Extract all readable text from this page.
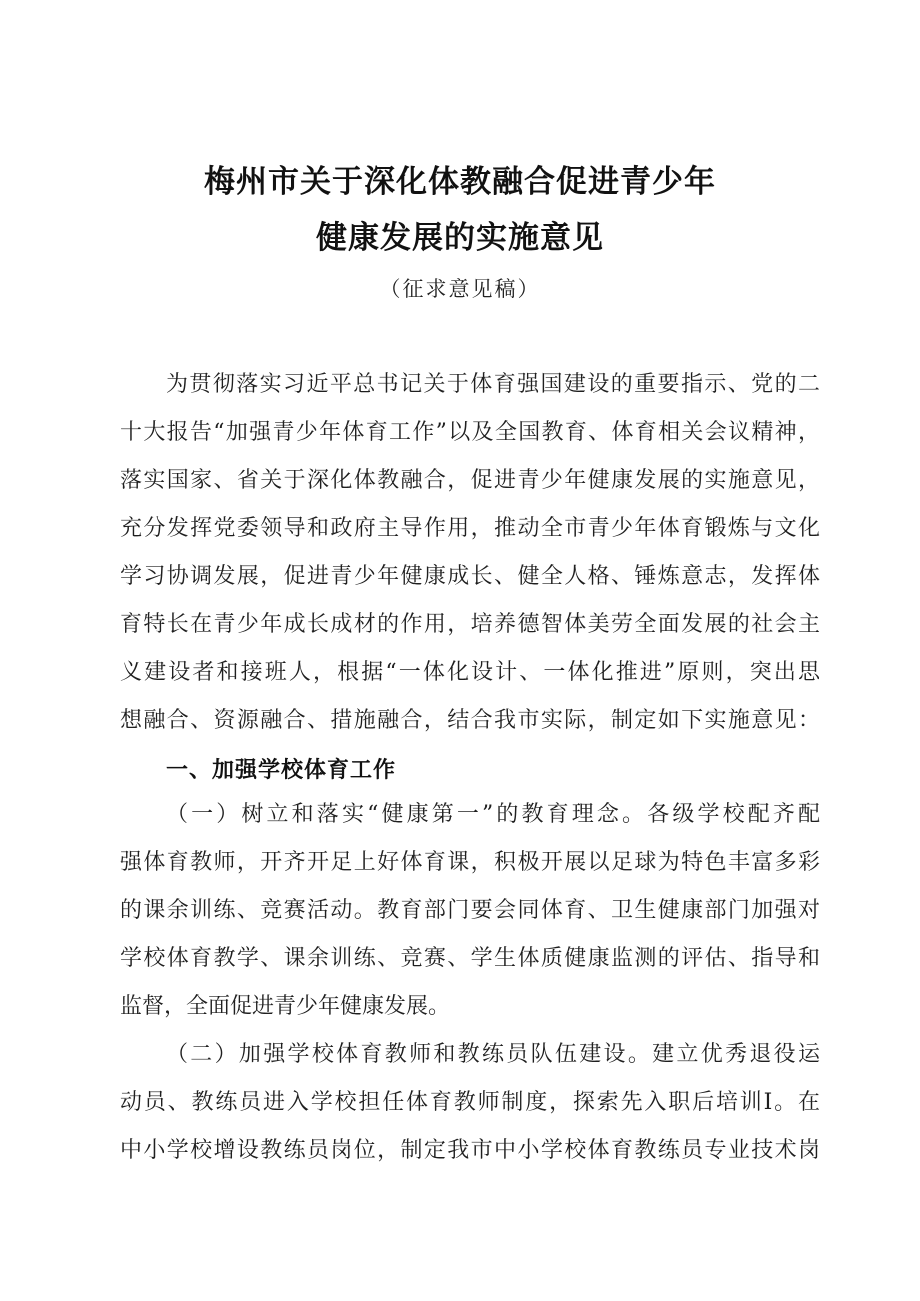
梅州市关于深化体教融合促进青少年
健康发展的实施意见
（征求意见稿）
为贯彻落实习近平总书记关于体育强国建设的重要指示、党的二
十大报告“加强青少年体育工作”以及全国教育、体育相关会议精神，
落实国家、省关于深化体教融合，促进青少年健康发展的实施意见，
充分发挥党委领导和政府主导作用，推动全市青少年体育锻炼与文化
学习协调发展，促进青少年健康成长、健全人格、锤炼意志，发挥体
育特长在青少年成长成材的作用，培养德智体美劳全面发展的社会主
义建设者和接班人，根据“一体化设计、一体化推进”原则，突出思
想融合、资源融合、措施融合，结合我市实际，制定如下实施意见：
一、加强学校体育工作
（一）树立和落实“健康第一”的教育理念。各级学校配齐配
强体育教师，开齐开足上好体育课，积极开展以足球为特色丰富多彩
的课余训练、竞赛活动。教育部门要会同体育、卫生健康部门加强对
学校体育教学、课余训练、竞赛、学生体质健康监测的评估、指导和
监督，全面促进青少年健康发展。
（二）加强学校体育教师和教练员队伍建设。建立优秀退役运
动员、教练员进入学校担任体育教师制度，探索先入职后培训Ⅰ。在
中小学校增设教练员岗位，制定我市中小学校体育教练员专业技术岗
